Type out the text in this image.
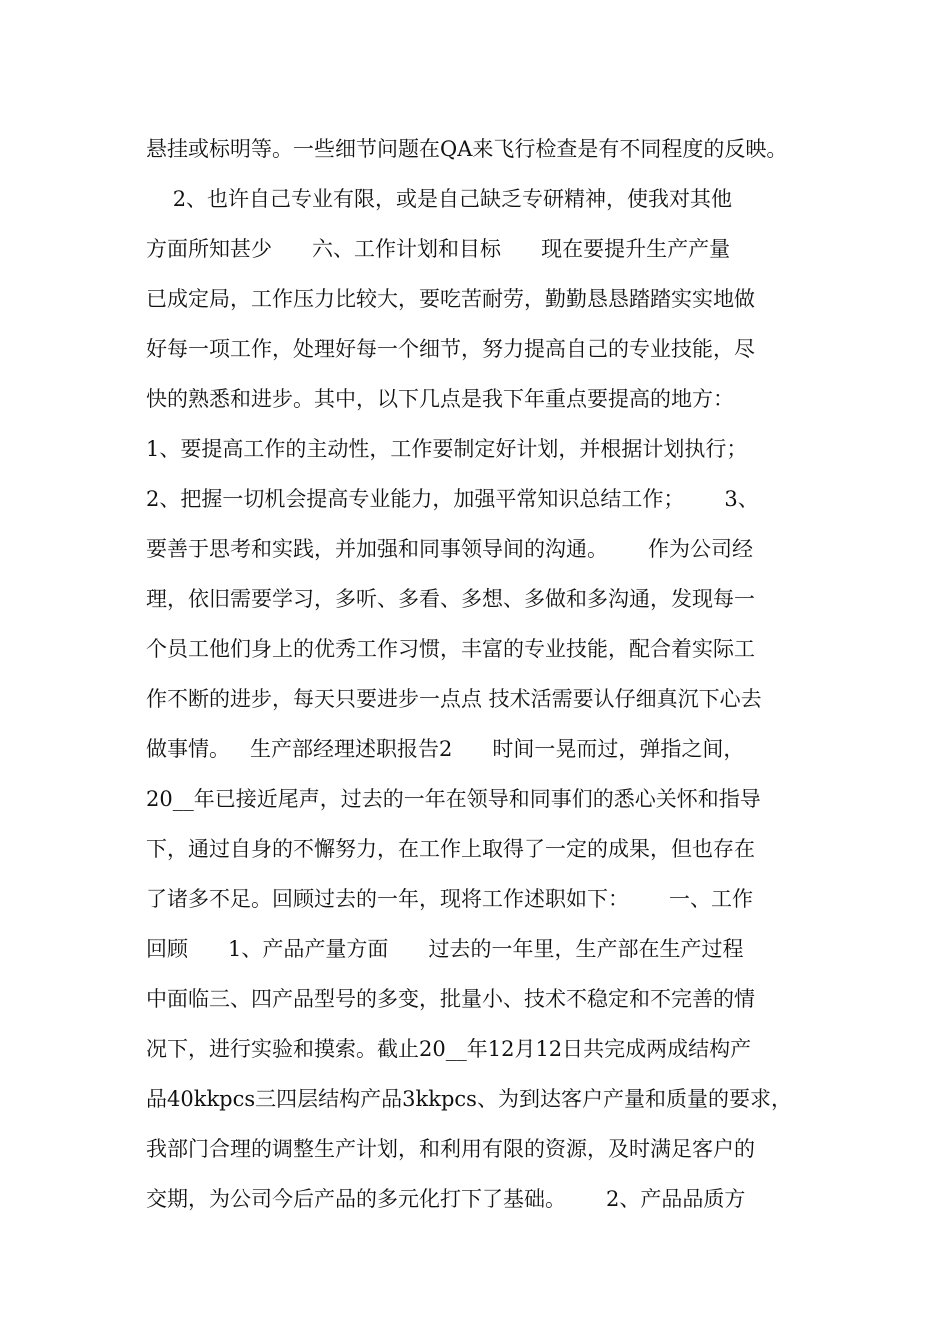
悬挂或标明等。一些细节问题在QA来飞行检查是有不同程度的反映。
2、也许自己专业有限，或是自己缺乏专研精神，使我对其他
方面所知甚少      六、工作计划和目标      现在要提升生产产量
已成定局，工作压力比较大，要吃苦耐劳，勤勤恳恳踏踏实实地做
好每一项工作，处理好每一个细节，努力提高自己的专业技能，尽
快的熟悉和进步。其中，以下几点是我下年重点要提高的地方：
1、要提高工作的主动性，工作要制定好计划，并根据计划执行；
2、把握一切机会提高专业能力，加强平常知识总结工作；      3、
要善于思考和实践，并加强和同事领导间的沟通。      作为公司经
理，依旧需要学习，多听、多看、多想、多做和多沟通，发现每一
个员工他们身上的优秀工作习惯，丰富的专业技能，配合着实际工
作不断的进步，每天只要进步一点点 技术活需要认仔细真沉下心去
做事情。   生产部经理述职报告2      时间一晃而过，弹指之间，
20__年已接近尾声，过去的一年在领导和同事们的悉心关怀和指导
下，通过自身的不懈努力，在工作上取得了一定的成果，但也存在
了诸多不足。回顾过去的一年，现将工作述职如下：      一、工作
回顾      1、产品产量方面      过去的一年里，生产部在生产过程
中面临三、四产品型号的多变，批量小、技术不稳定和不完善的情
况下，进行实验和摸索。截止20__年12月12日共完成两成结构产
品40kkpcs三四层结构产品3kkpcs、为到达客户产量和质量的要求，
我部门合理的调整生产计划，和利用有限的资源，及时满足客户的
交期，为公司今后产品的多元化打下了基础。      2、产品品质方
